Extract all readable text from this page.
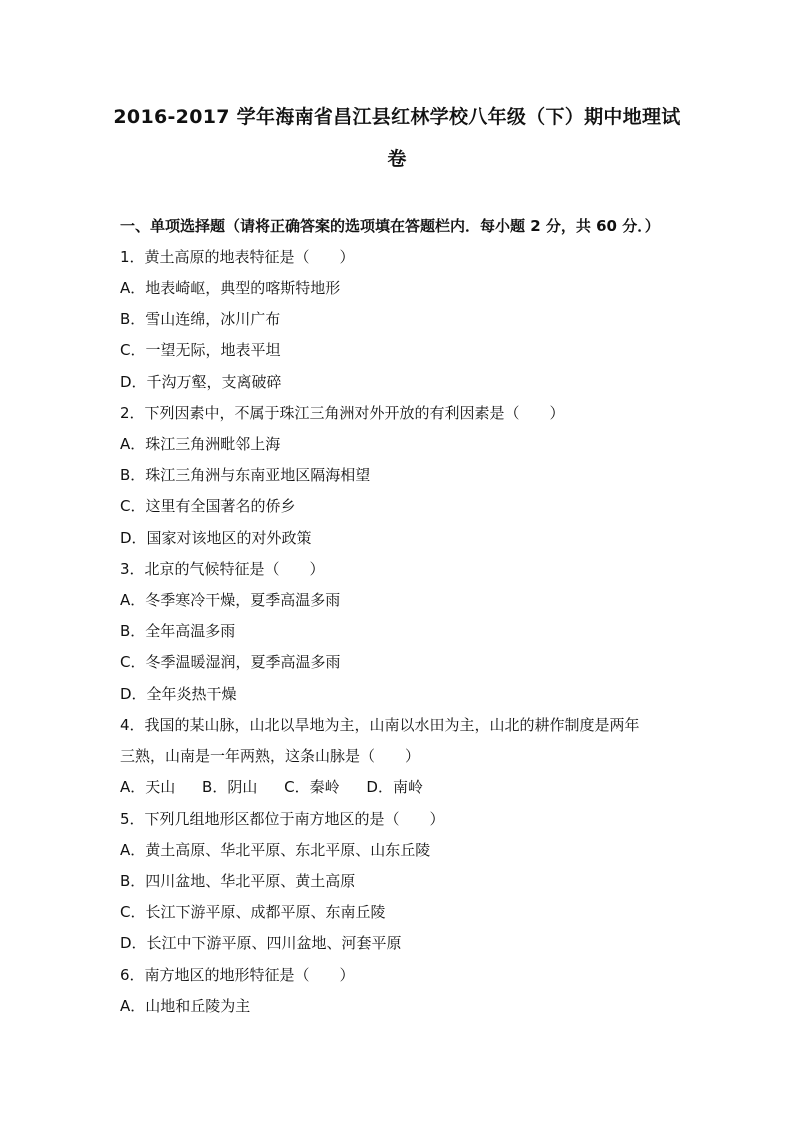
2016-2017 学年海南省昌江县红林学校八年级（下）期中地理试
卷
一、单项选择题（请将正确答案的选项填在答题栏内．每小题 2 分，共 60 分．）
1．黄土高原的地表特征是（　　）
A．地表崎岖，典型的喀斯特地形
B．雪山连绵，冰川广布
C．一望无际，地表平坦
D．千沟万壑，支离破碎
2．下列因素中，不属于珠江三角洲对外开放的有利因素是（　　）
A．珠江三角洲毗邻上海
B．珠江三角洲与东南亚地区隔海相望
C．这里有全国著名的侨乡
D．国家对该地区的对外政策
3．北京的气候特征是（　　）
A．冬季寒冷干燥，夏季高温多雨
B．全年高温多雨
C．冬季温暖湿润，夏季高温多雨
D．全年炎热干燥
4．我国的某山脉，山北以旱地为主，山南以水田为主，山北的耕作制度是两年
三熟，山南是一年两熟，这条山脉是（　　）
A．天山 B．阴山 C．秦岭 D．南岭
5．下列几组地形区都位于南方地区的是（　　）
A．黄土高原、华北平原、东北平原、山东丘陵
B．四川盆地、华北平原、黄土高原
C．长江下游平原、成都平原、东南丘陵
D．长江中下游平原、四川盆地、河套平原
6．南方地区的地形特征是（　　）
A．山地和丘陵为主
